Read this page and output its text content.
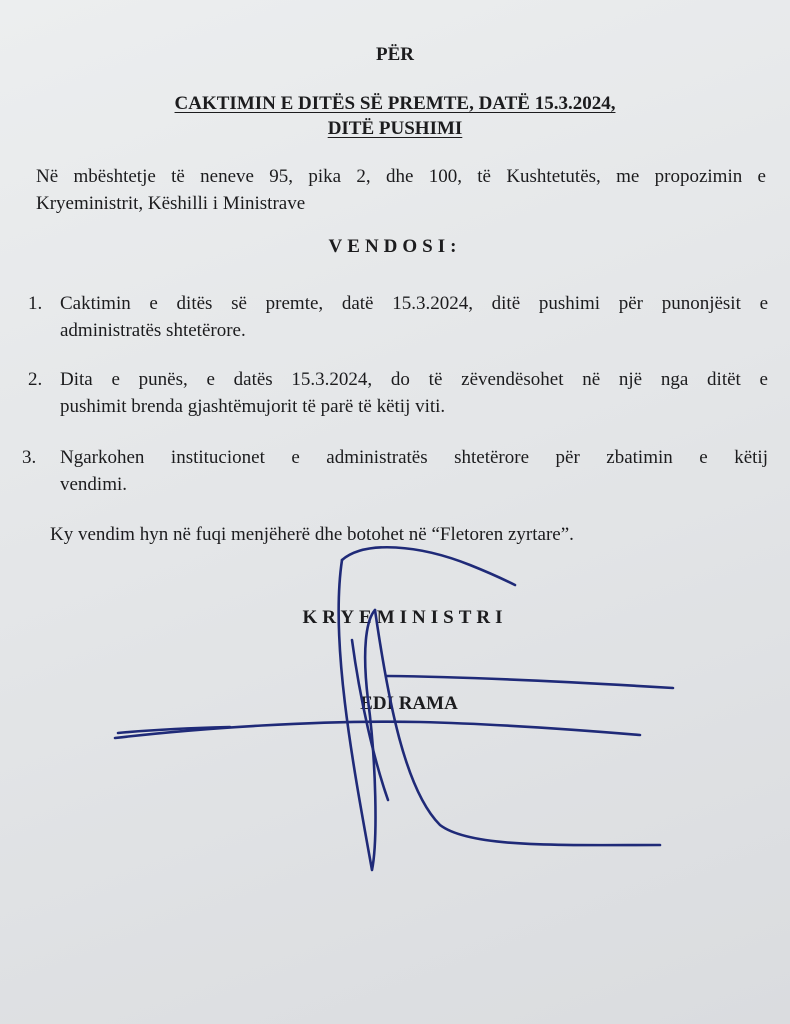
PËR
CAKTIMIN E DITËS SË PREMTE, DATË 15.3.2024,
DITË PUSHIMI
Në mbështetje të neneve 95, pika 2, dhe 100, të Kushtetutës, me propozimin e
Kryeministrit, Këshilli i Ministrave
VENDOSI:
1. Caktimin e ditës së premte, datë 15.3.2024, ditë pushimi për punonjësit e
administratës shtetërore.
2. Dita e punës, e datës 15.3.2024, do të zëvendësohet në një nga ditët e
pushimit brenda gjashtëmujorit të parë të këtij viti.
3.	Ngarkohen institucionet e administratës shtetërore për zbatimin e këtij
vendimi.
Ky vendim hyn në fuqi menjëherë dhe botohet në “Fletoren zyrtare”.
KRYEMINISTRI
EDI RAMA
